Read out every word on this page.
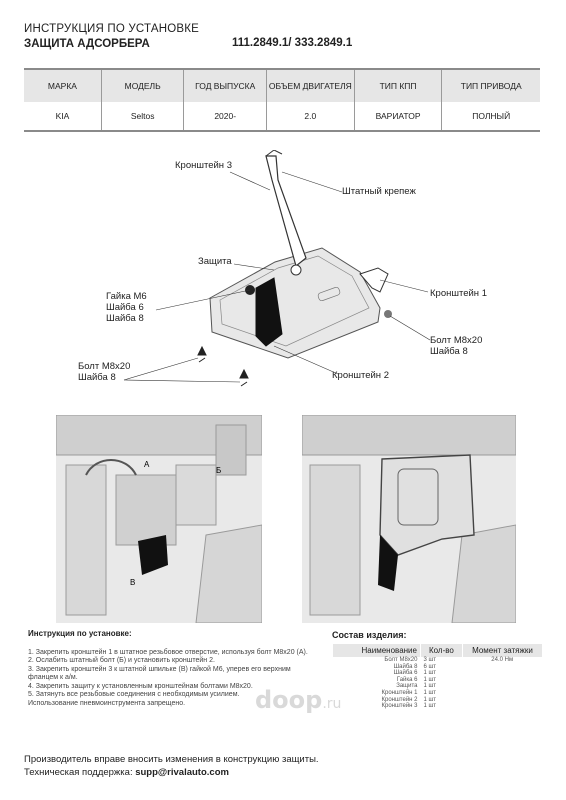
ИНСТРУКЦИЯ ПО УСТАНОВКЕ
ЗАЩИТА АДСОРБЕРА	111.2849.1/ 333.2849.1
МАРКА	МОДЕЛЬ	ГОД ВЫПУСКА	ОБЪЕМ ДВИГАТЕЛЯ	ТИП КПП	ТИП ПРИВОДА
KIA	Seltos	2020-	2.0	ВАРИАТОР	ПОЛНЫЙ
Кронштейн 3
Штатный крепеж
Защита
Кронштейн 1
Гайка М6
Шайба 6
Шайба 8
Болт М8х20
Шайба 8
Болт М8х20
Шайба 8	Кронштейн 2
А
Б
В
Инструкция по установке:
1. Закрепить кронштейн 1 в штатное резьбовое отверстие, используя болт М8х20 (А).
2. Ослабить штатный болт (Б) и установить кронштейн 2.
3. Закрепить кронштейн 3 к штатной шпильке (В) гайкой М6, уперев его верхним фланцем к а/м.
4. Закрепить защиту к установленным кронштейнам болтами М8х20.
5. Затянуть все резьбовые соединения с необходимым усилием.
Использование пневмоинструмента запрещено.	doop.ru
Состав изделия:
Наименование	Кол-во	Момент затяжки
Болт М8х20	3 шт	24.0 Нм
Шайба 8	6 шт	
Шайба 6	1 шт	
Гайка 6	1 шт	
Защита	1 шт	
Кронштейн 1	1 шт	
Кронштейн 2	1 шт	
Кронштейн 3	1 шт	
Производитель вправе вносить изменения в конструкцию защиты.
Техническая поддержка: supp@rivalauto.com
